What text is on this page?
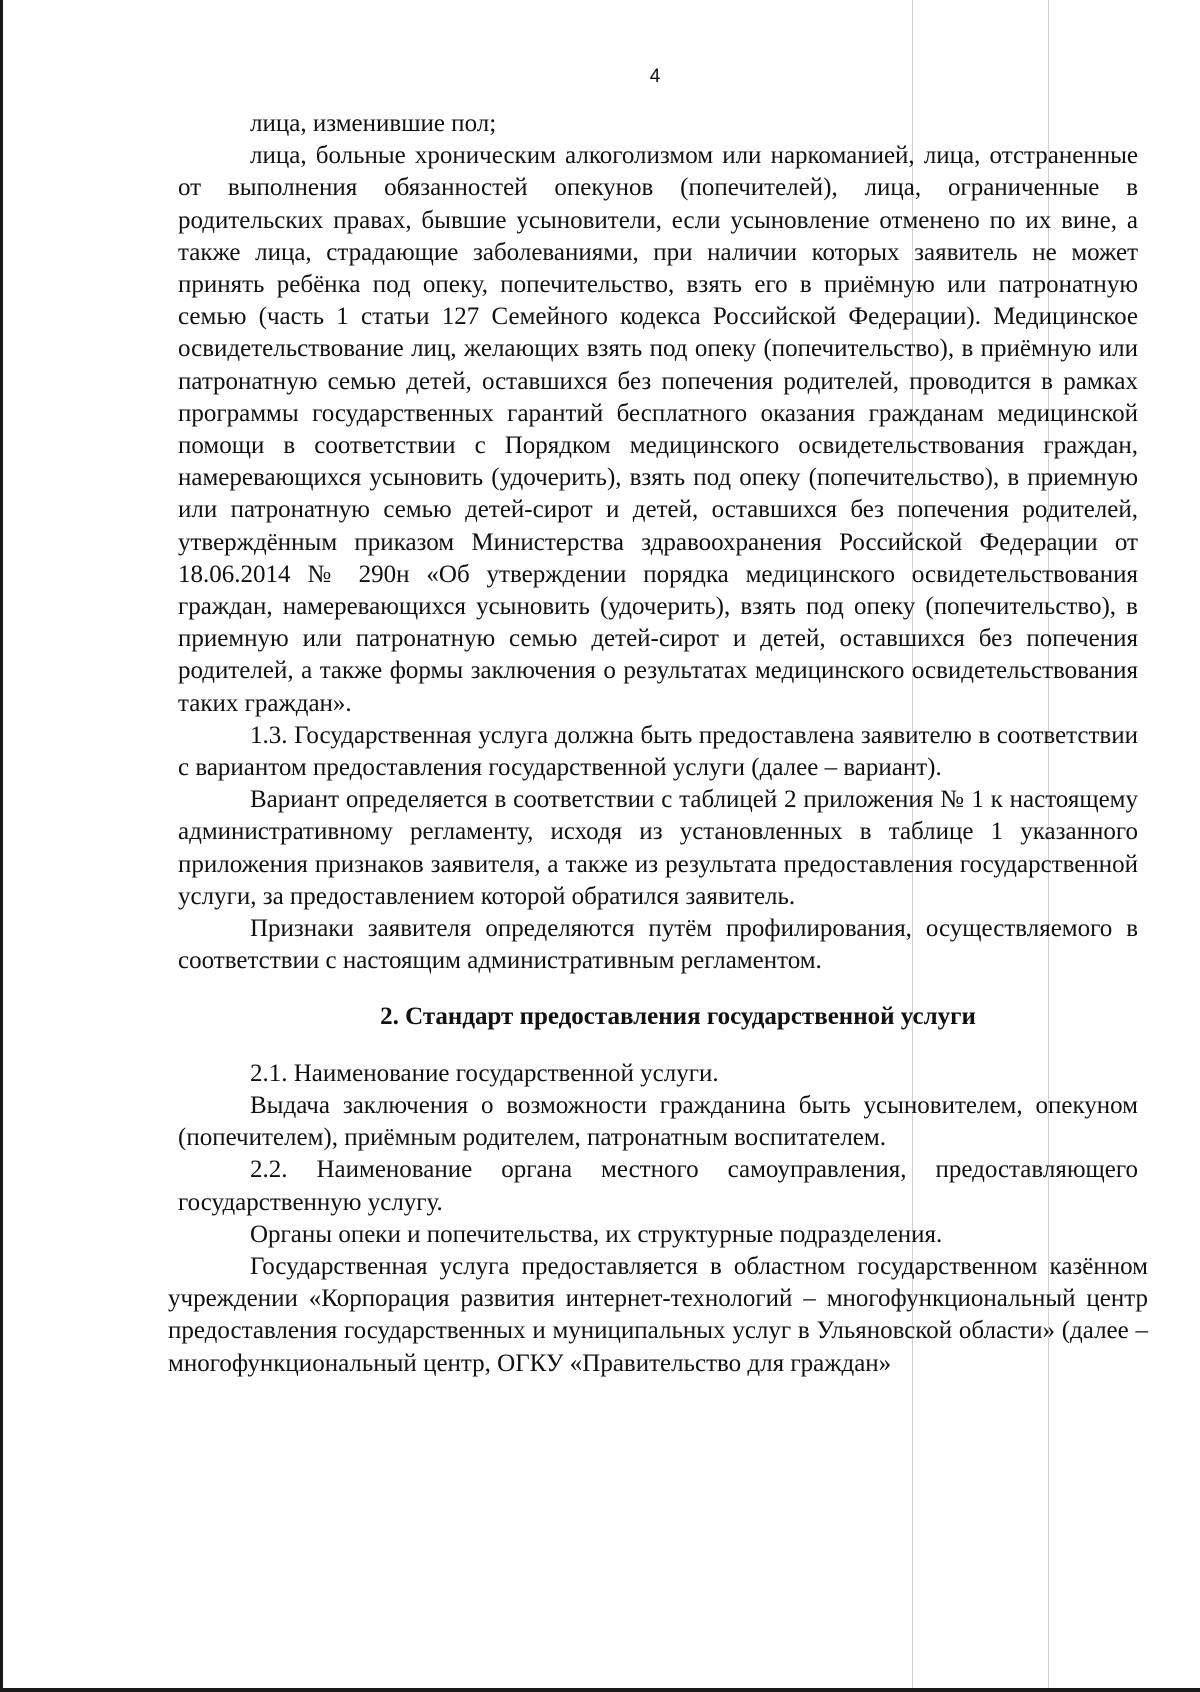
4

лица, изменившие пол;

лица, больные хроническим алкоголизмом или наркоманией, лица, отстраненные от выполнения обязанностей опекунов (попечителей), лица, ограниченные в родительских правах, бывшие усыновители, если усыновление отменено по их вине, а также лица, страдающие заболеваниями, при наличии которых заявитель не может принять ребёнка под опеку, попечительство, взять его в приёмную или патронатную семью (часть 1 статьи 127 Семейного кодекса Российской Федерации). Медицинское освидетельствование лиц, желающих взять под опеку (попечительство), в приёмную или патронатную семью детей, оставшихся без попечения родителей, проводится в рамках программы государственных гарантий бесплатного оказания гражданам медицинской помощи в соответствии с Порядком медицинского освидетельствования граждан, намеревающихся усыновить (удочерить), взять под опеку (попечительство), в приемную или патронатную семью детей-сирот и детей, оставшихся без попечения родителей, утверждённым приказом Министерства здравоохранения Российской Федерации от 18.06.2014 № 290н «Об утверждении порядка медицинского освидетельствования граждан, намеревающихся усыновить (удочерить), взять под опеку (попечительство), в приемную или патронатную семью детей-сирот и детей, оставшихся без попечения родителей, а также формы заключения о результатах медицинского освидетельствования таких граждан».

1.3. Государственная услуга должна быть предоставлена заявителю в соответствии с вариантом предоставления государственной услуги (далее – вариант).

Вариант определяется в соответствии с таблицей 2 приложения № 1 к настоящему административному регламенту, исходя из установленных в таблице 1 указанного приложения признаков заявителя, а также из результата предоставления государственной услуги, за предоставлением которой обратился заявитель.

Признаки заявителя определяются путём профилирования, осуществляемого в соответствии с настоящим административным регламентом.

2. Стандарт предоставления государственной услуги

2.1. Наименование государственной услуги.

Выдача заключения о возможности гражданина быть усыновителем, опекуном (попечителем), приёмным родителем, патронатным воспитателем.

2.2. Наименование органа местного самоуправления, предоставляющего государственную услугу.

Органы опеки и попечительства, их структурные подразделения.

Государственная услуга предоставляется в областном государственном казённом учреждении «Корпорация развития интернет-технологий – многофункциональный центр предоставления государственных и муниципальных услуг в Ульяновской области» (далее – многофункциональный центр, ОГКУ «Правительство для граждан»
